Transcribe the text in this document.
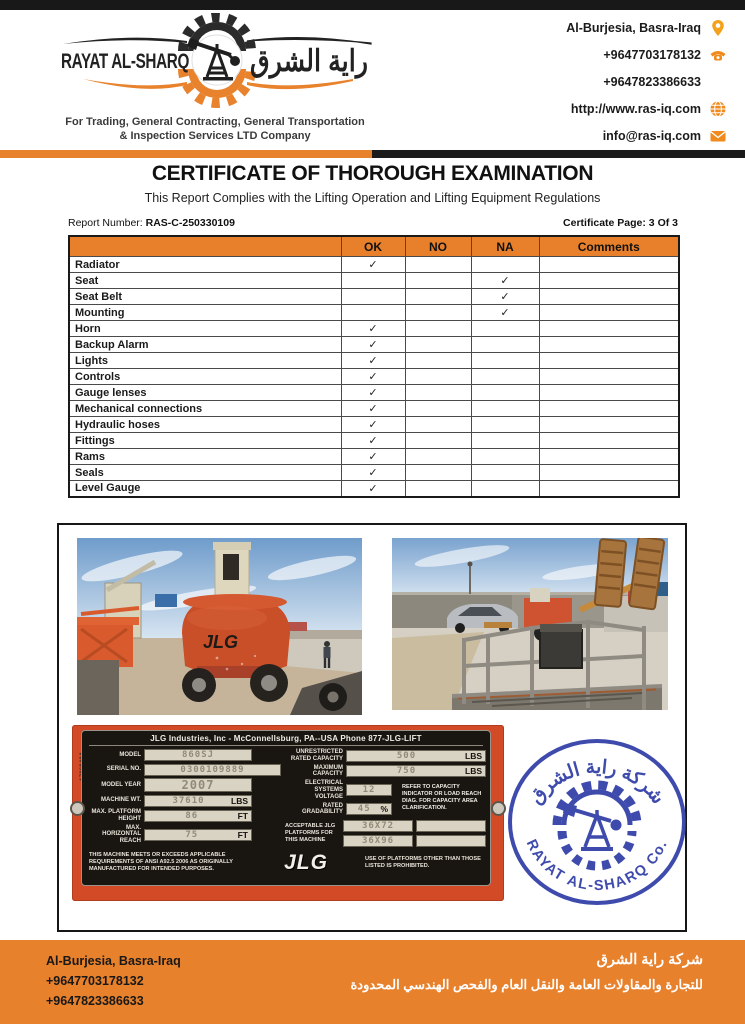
RAYAT AL-SHARQ راية الشرق
For Trading, General Contracting, General Transportation
& Inspection Services LTD Company
Al-Burjesia, Basra-Iraq
+9647703178132
+9647823386633
http://www.ras-iq.com
info@ras-iq.com
CERTIFICATE OF THOROUGH EXAMINATION
This Report Complies with the Lifting Operation and Lifting Equipment Regulations
Report Number: RAS-C-250330109	Certificate Page: 3 Of 3
	OK	NO	NA	Comments
Radiator	✓			
Seat			✓	
Seat Belt			✓	
Mounting			✓	
Horn	✓			
Backup Alarm	✓			
Lights	✓			
Controls	✓			
Gauge lenses	✓			
Mechanical connections	✓			
Hydraulic hoses	✓			
Fittings	✓			
Rams	✓			
Seals	✓			
Level Gauge	✓			
JLG
JLG Industries, Inc - McConnellsburg, PA--USA Phone 877-JLG-LIFT
MODEL	860SJ
SERIAL NO.	0300109889
MODEL YEAR	2007
MACHINE WT.	37610	LBS
MAX. PLATFORM HEIGHT	86	FT
MAX. HORIZONTAL REACH
75	FT
UNRESTRICTED RATED CAPACITY	500	LBS
MAXIMUM CAPACITY	750	LBS
ELECTRICAL SYSTEMS VOLTAGE
12
RATED GRADABILITY	45	%
REFER TO CAPACITY INDICATOR OR LOAD REACH DIAG. FOR CAPACITY AREA CLARIFICATION.
ACCEPTABLE JLG PLATFORMS FOR THIS MACHINE
36X72
36X96
THIS MACHINE MEETS OR EXCEEDS APPLICABLE REQUIREMENTS OF ANSI A92.5 2006 AS ORIGINALLY MANUFACTURED FOR INTENDED PURPOSES.	JLG	USE OF PLATFORMS OTHER THAN THOSE LISTED IS PROHIBITED.
شركة راية الشرق
RAYAT AL-SHARQ Co.
Al-Burjesia, Basra-Iraq
+9647703178132
+9647823386633
شركة راية الشرق
للتجارة والمقاولات العامة والنقل العام والفحص الهندسي المحدودة
